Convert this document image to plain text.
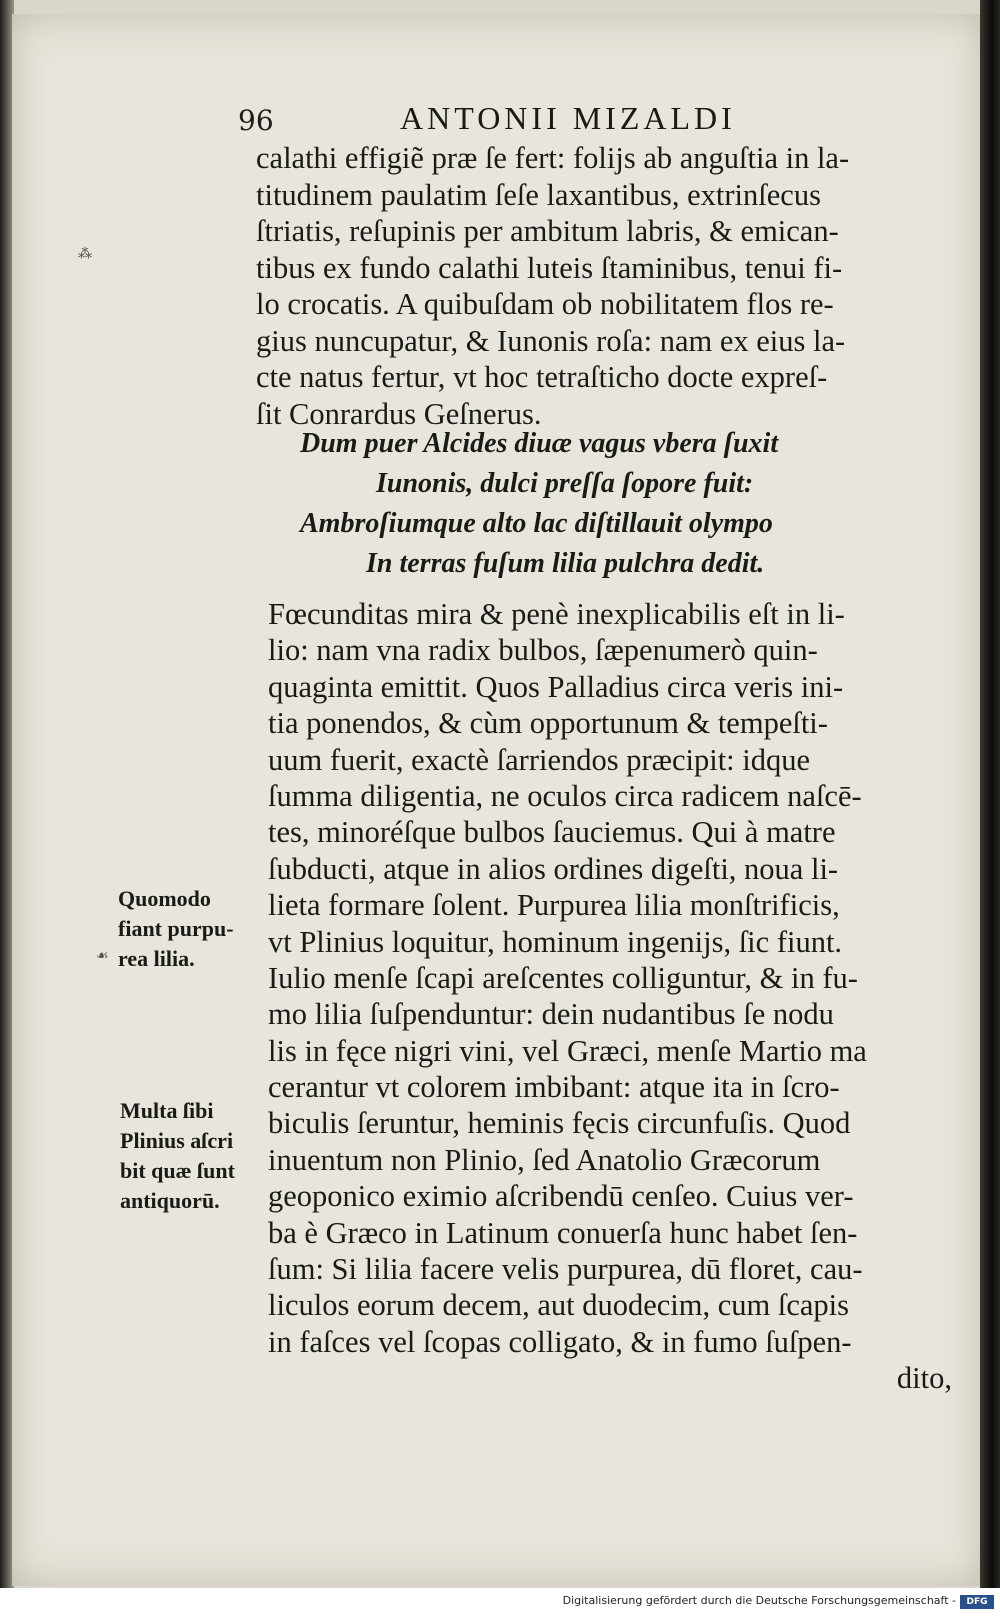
96	ANTONII MIZALDI
calathi effigiẽ præ ſe fert: folijs ab anguſtia in la-
titudinem paulatim ſeſe laxantibus, extrinſecus
ſtriatis, reſupinis per ambitum labris, & emican-
tibus ex fundo calathi luteis ſtaminibus, tenui fi-
lo crocatis. A quibuſdam ob nobilitatem flos re-
gius nuncupatur, & Iunonis roſa: nam ex eius la-
cte natus fertur, vt hoc tetraſticho docte expreſ-
ſit Conrardus Geſnerus.
Dum puer Alcides diuæ vagus vbera ſuxit
Iunonis, dulci preſſa ſopore fuit:
Ambroſiumque alto lac diſtillauit olympo
In terras fuſum lilia pulchra dedit.
Fœcunditas mira & penè inexplicabilis eſt in li-
lio: nam vna radix bulbos, ſæpenumerò quin-
quaginta emittit. Quos Palladius circa veris ini-
tia ponendos, & cùm opportunum & tempeſti-
uum fuerit, exactè ſarriendos præcipit: idque
ſumma diligentia, ne oculos circa radicem naſcē-
tes, minoréſque bulbos ſauciemus. Qui à matre
ſubducti, atque in alios ordines digeſti, noua li-
lieta formare ſolent. Purpurea lilia monſtrificis,
vt Plinius loquitur, hominum ingenijs, ſic fiunt.
Iulio menſe ſcapi areſcentes colliguntur, & in fu-
mo lilia ſuſpenduntur: dein nudantibus ſe nodu
lis in fęce nigri vini, vel Græci, menſe Martio ma
cerantur vt colorem imbibant: atque ita in ſcro-
biculis ſeruntur, heminis fęcis circunfuſis. Quod
inuentum non Plinio, ſed Anatolio Græcorum
geoponico eximio aſcribendū cenſeo. Cuius ver-
ba è Græco in Latinum conuerſa hunc habet ſen-
ſum: Si lilia facere velis purpurea, dū floret, cau-
liculos eorum decem, aut duodecim, cum ſcapis
in faſces vel ſcopas colligato, & in fumo ſuſpen-
dito,
Quomodo
fiant purpu-
rea lilia.
Multa ſibi
Plinius aſcri
bit quæ ſunt
antiquorū.
⁂
☙
Digitalisierung gefördert durch die Deutsche Forschungsgemeinschaft -	DFG
